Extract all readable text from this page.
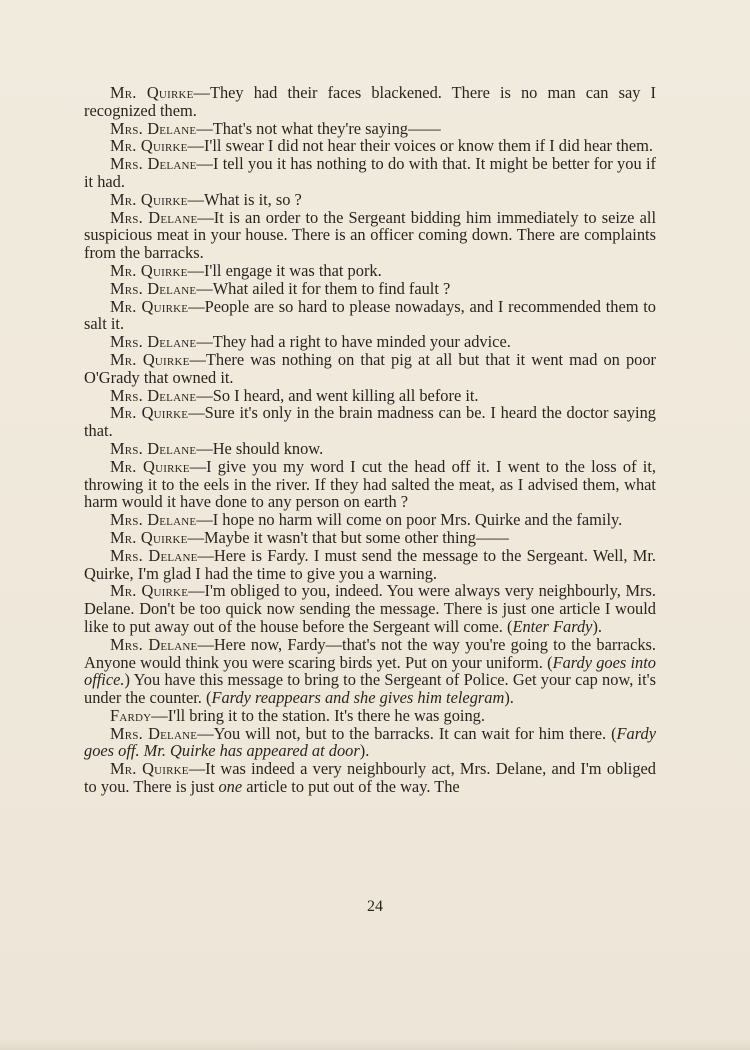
Mr. Quirke—They had their faces blackened. There is no man can say I recognized them.

Mrs. Delane—That's not what they're saying——

Mr. Quirke—I'll swear I did not hear their voices or know them if I did hear them.

Mrs. Delane—I tell you it has nothing to do with that. It might be better for you if it had.

Mr. Quirke—What is it, so ?

Mrs. Delane—It is an order to the Sergeant bidding him immediately to seize all suspicious meat in your house. There is an officer coming down. There are complaints from the barracks.

Mr. Quirke—I'll engage it was that pork.

Mrs. Delane—What ailed it for them to find fault ?

Mr. Quirke—People are so hard to please nowadays, and I recommended them to salt it.

Mrs. Delane—They had a right to have minded your advice.

Mr. Quirke—There was nothing on that pig at all but that it went mad on poor O'Grady that owned it.

Mrs. Delane—So I heard, and went killing all before it.

Mr. Quirke—Sure it's only in the brain madness can be. I heard the doctor saying that.

Mrs. Delane—He should know.

Mr. Quirke—I give you my word I cut the head off it. I went to the loss of it, throwing it to the eels in the river. If they had salted the meat, as I advised them, what harm would it have done to any person on earth ?

Mrs. Delane—I hope no harm will come on poor Mrs. Quirke and the family.

Mr. Quirke—Maybe it wasn't that but some other thing——

Mrs. Delane—Here is Fardy. I must send the message to the Sergeant. Well, Mr. Quirke, I'm glad I had the time to give you a warning.

Mr. Quirke—I'm obliged to you, indeed. You were always very neighbourly, Mrs. Delane. Don't be too quick now sending the message. There is just one article I would like to put away out of the house before the Sergeant will come. (Enter Fardy).

Mrs. Delane—Here now, Fardy—that's not the way you're going to the barracks. Anyone would think you were scaring birds yet. Put on your uniform. (Fardy goes into office.) You have this message to bring to the Sergeant of Police. Get your cap now, it's under the counter. (Fardy reappears and she gives him telegram).

Fardy—I'll bring it to the station. It's there he was going.

Mrs. Delane—You will not, but to the barracks. It can wait for him there. (Fardy goes off. Mr. Quirke has appeared at door).

Mr. Quirke—It was indeed a very neighbourly act, Mrs. Delane, and I'm obliged to you. There is just one article to put out of the way. The

24
